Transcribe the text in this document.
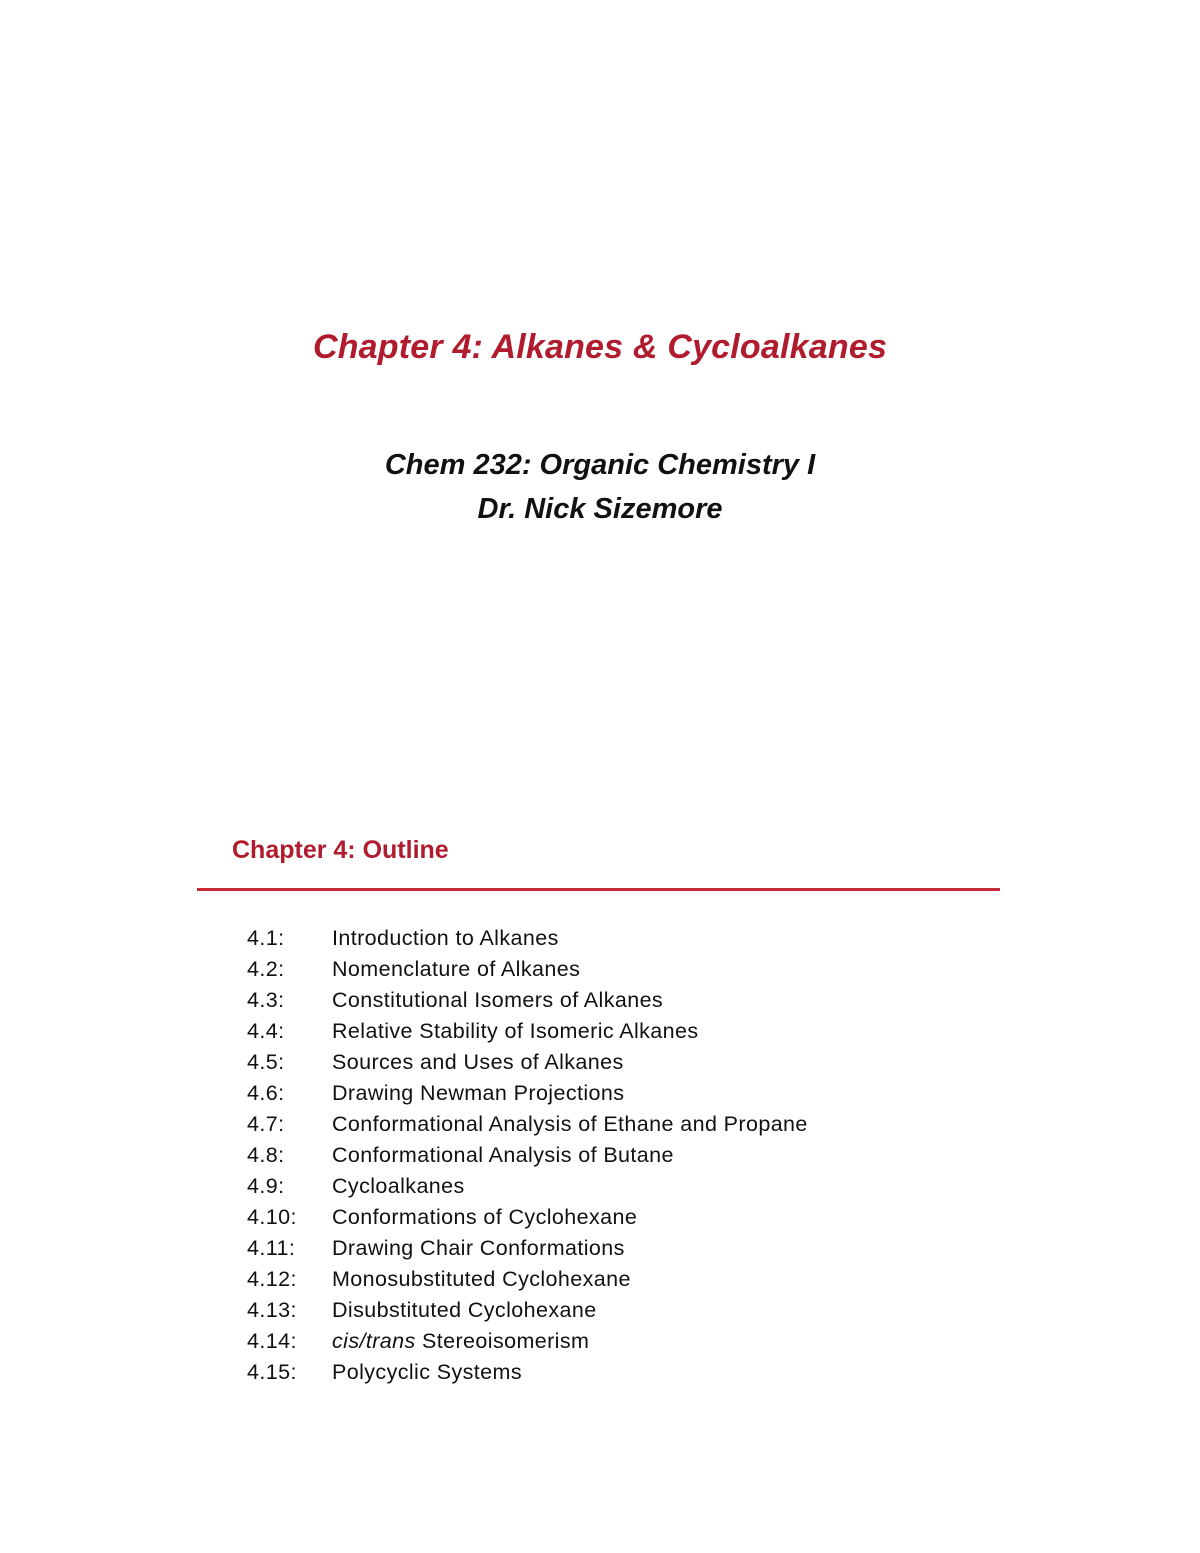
Chapter 4: Alkanes & Cycloalkanes
Chem 232: Organic Chemistry I
Dr. Nick Sizemore
Chapter 4: Outline
4.1:	Introduction to Alkanes
4.2:	Nomenclature of Alkanes
4.3:	Constitutional Isomers of Alkanes
4.4:	Relative Stability of Isomeric Alkanes
4.5:	Sources and Uses of Alkanes
4.6:	Drawing Newman Projections
4.7:	Conformational Analysis of Ethane and Propane
4.8:	Conformational Analysis of Butane
4.9:	Cycloalkanes
4.10:	Conformations of Cyclohexane
4.11:	Drawing Chair Conformations
4.12:	Monosubstituted Cyclohexane
4.13:	Disubstituted Cyclohexane
4.14:	cis/trans Stereoisomerism
4.15:	Polycyclic Systems
